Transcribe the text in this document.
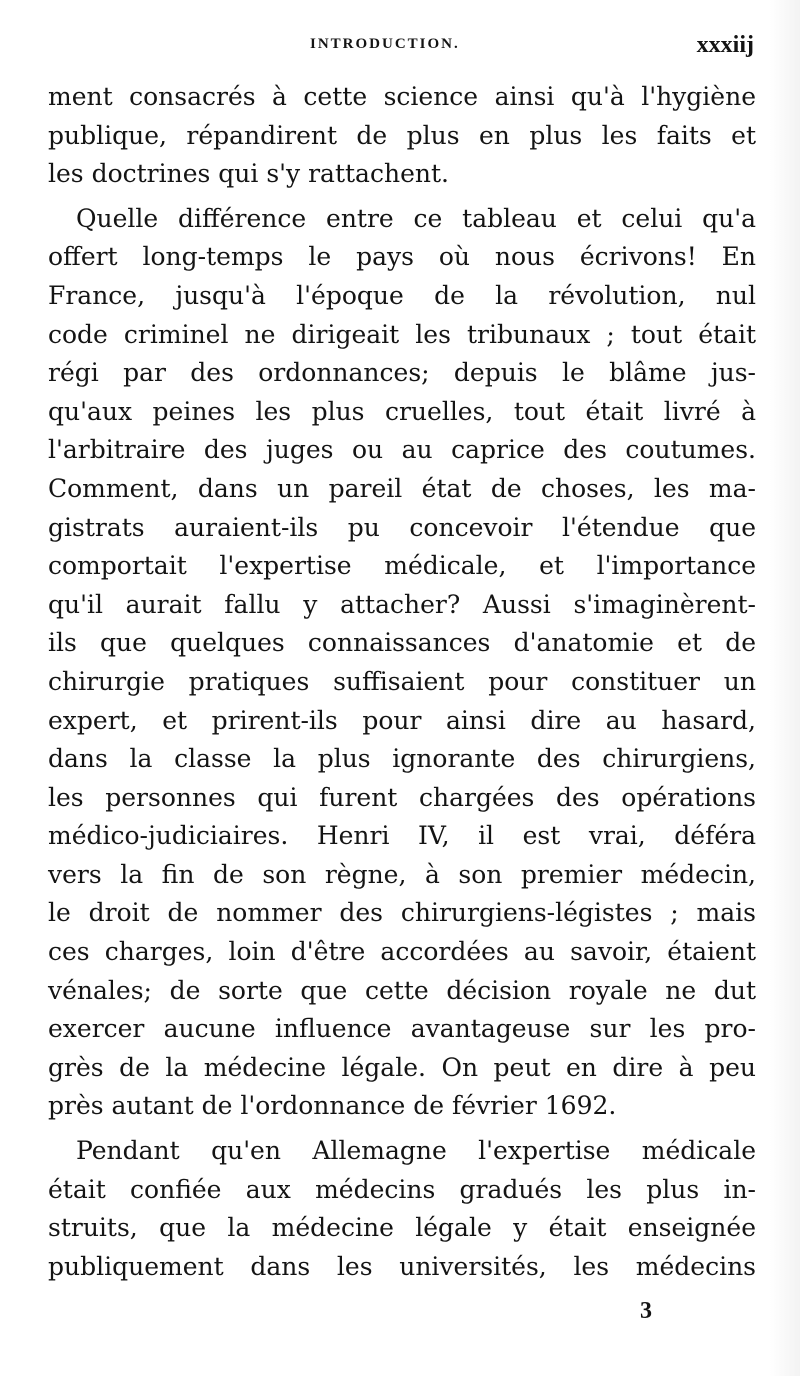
INTRODUCTION.	xxxiij
ment consacrés à cette science ainsi qu'à l'hygiène
publique, répandirent de plus en plus les faits et
les doctrines qui s'y rattachent.
Quelle différence entre ce tableau et celui qu'a
offert long-temps le pays où nous écrivons! En
France, jusqu'à l'époque de la révolution, nul
code criminel ne dirigeait les tribunaux ; tout était
régi par des ordonnances; depuis le blâme jus-
qu'aux peines les plus cruelles, tout était livré à
l'arbitraire des juges ou au caprice des coutumes.
Comment, dans un pareil état de choses, les ma-
gistrats auraient-ils pu concevoir l'étendue que
comportait l'expertise médicale, et l'importance
qu'il aurait fallu y attacher? Aussi s'imaginèrent-
ils que quelques connaissances d'anatomie et de
chirurgie pratiques suffisaient pour constituer un
expert, et prirent-ils pour ainsi dire au hasard,
dans la classe la plus ignorante des chirurgiens,
les personnes qui furent chargées des opérations
médico-judiciaires. Henri IV, il est vrai, déféra
vers la fin de son règne, à son premier médecin,
le droit de nommer des chirurgiens-légistes ; mais
ces charges, loin d'être accordées au savoir, étaient
vénales; de sorte que cette décision royale ne dut
exercer aucune influence avantageuse sur les pro-
grès de la médecine légale. On peut en dire à peu
près autant de l'ordonnance de février 1692.
Pendant qu'en Allemagne l'expertise médicale
était confiée aux médecins gradués les plus in-
struits, que la médecine légale y était enseignée
publiquement dans les universités, les médecins
3
